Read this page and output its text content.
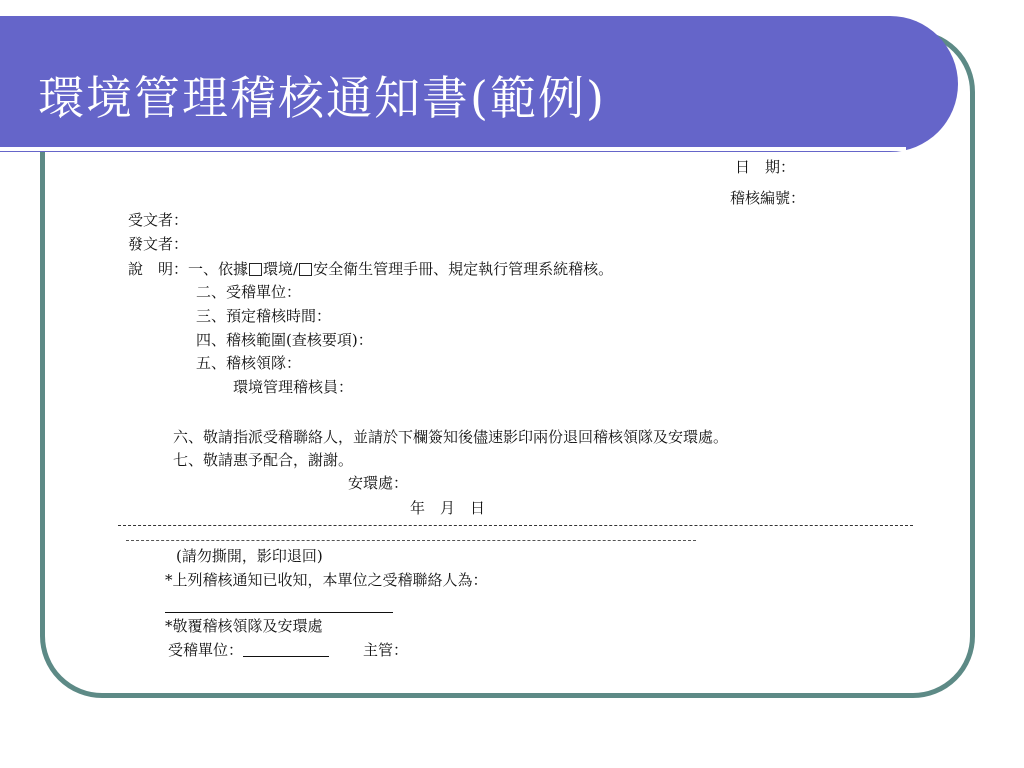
環境管理稽核通知書(範例)
日　期：
稽核編號：
受文者：
發文者：
說　明：一、依據 環境/ 安全衛生管理手冊、規定執行管理系統稽核。
二、受稽單位：
三、預定稽核時間：
四、稽核範圍(查核要項)：
五、稽核領隊：
環境管理稽核員：
六、敬請指派受稽聯絡人，並請於下欄簽知後儘速影印兩份退回稽核領隊及安環處。
七、敬請惠予配合，謝謝。
安環處：
年　月　日
(請勿撕開，影印退回)
*上列稽核通知已收知，本單位之受稽聯絡人為：
*敬覆稽核領隊及安環處
受稽單位：	主管：
